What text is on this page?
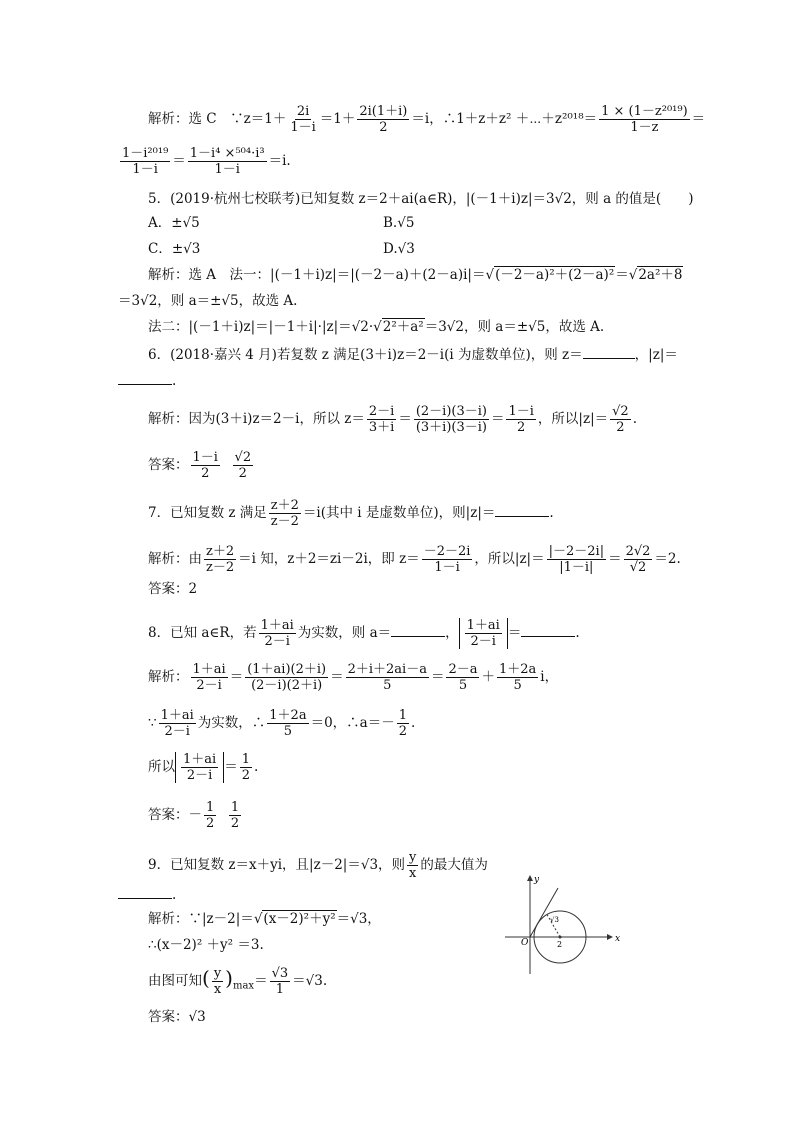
解析：选 C　∵z＝1＋ $\frac{2i}{1-i} =1+ \frac{2i(1+i)}{2} =i$，∴1＋z＋z² ＋⋯＋z²⁰¹⁸＝ $\frac{\text{1 × (1－z²⁰¹⁹)}}{1-z}$ ＝
$\frac{\text{1－i²⁰¹⁹}}{1-i} = \frac{\text{1－i⁴ ×⁵⁰⁴·i³}}{1-i} =i$.
5．(2019·杭州七校联考)已知复数 z＝2＋ai(a∈R)，|(－1＋i)z|＝3√2，则 a 的值是(　　)
A．±√5	B.√5
C．±√3	D.√3
解析：选 A　法一：|(－1＋i)z|＝|(－2－a)＋(2－a)i|＝√(－2－a)²＋(2－a)²＝√2a²＋8
＝3√2，则 a＝±√5，故选 A.
法二：|(－1＋i)z|＝|－1＋i|·|z|＝√2·√2²＋a²＝3√2，则 a＝±√5，故选 A.
6．(2018·嘉兴 4 月)若复数 z 满足(3＋i)z＝2－i(i 为虚数单位)，则 z＝	，|z|＝
.
解析：因为(3＋i)z＝2－i，所以 $z= \frac{2-i}{3+i} = \frac{(2-i)(3-i)}{(3+i)(3-i)} = \frac{1-i}{2}$ ，所以$|z|= \frac{√2}{2}$ .
答案： $\frac{1-i}{2}$
$\frac{√2}{2}$
7．已知复数 z 满足 $\frac{z+2}{z-2} =i$(其中 i 是虚数单位)，则|z|＝	.
解析：由 $\frac{z+2}{z-2} =i$ 知，z＋2＝zi－2i，即 $z= \frac{-2-2i}{1-i}$ ，所以$|z|= \frac{|-2-2i|}{|1-i|} = \frac{2√2}{√2} =2$.
答案：2
8．已知 a∈R，若 $\frac{1+ai}{2-i}$ 为实数，则 a＝	， $\frac{1+ai}{2-i}$ ＝	.
解析： $\frac{1+ai}{2-i} = \frac{(1+ai)(2+i)}{(2-i)(2+i)} = \frac{2+i+2ai-a}{5} = \frac{2-a}{5} + \frac{1+2a}{5}$ i，
∵ $\frac{1+ai}{2-i}$ 为实数，∴ $\frac{1+2a}{5} =0$，∴a＝－ $\frac{1}{2}$ .
所以 $\frac{1+ai}{2-i} = \frac{1}{2}$ .
答案：－ $\frac{1}{2}$
$\frac{1}{2}$
9．已知复数 z＝x＋yi，且|z－2|＝√3，则 $\frac{y}{x}$ 的最大值为
.
解析：∵|z－2|＝√(x－2)²＋y²＝√3，
∴(x－2)² ＋y² ＝3.
由图可知( $\frac{y}{x} )_{max}= \frac{√3}{1} =√3$.
答案：√3
x
y
O	2
√3
